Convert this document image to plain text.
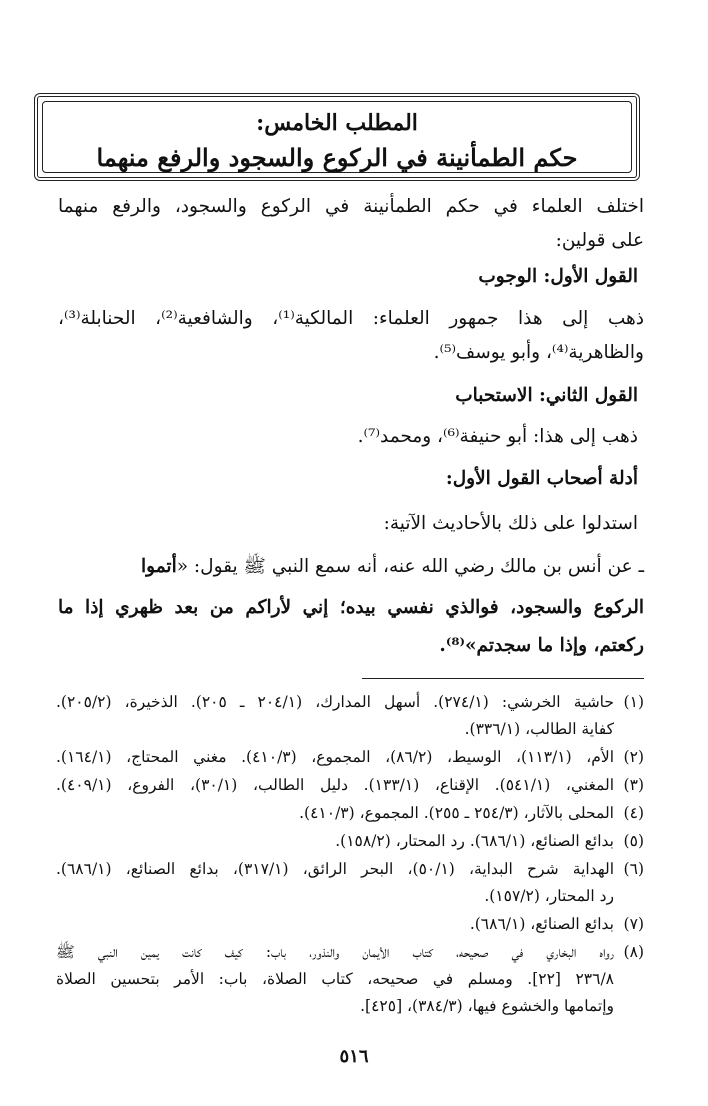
المطلب الخامس:
حكم الطمأنينة في الركوع والسجود والرفع منهما
اختلف العلماء في حكم الطمأنينة في الركوع والسجود، والرفع منهما
على قولين:
القول الأول: الوجوب
ذهب إلى هذا جمهور العلماء: المالكية⁽¹⁾، والشافعية⁽²⁾، الحنابلة⁽³⁾،
والظاهرية⁽⁴⁾، وأبو يوسف⁽⁵⁾.
القول الثاني: الاستحباب
ذهب إلى هذا: أبو حنيفة⁽⁶⁾، ومحمد⁽⁷⁾.
أدلة أصحاب القول الأول:
استدلوا على ذلك بالأحاديث الآتية:
ـ عن أنس بن مالك رضي الله عنه، أنه سمع النبي ﷺ يقول: «أتموا
الركوع والسجود، فوالذي نفسي بيده؛ إني لأراكم من بعد ظهري إذا ما
ركعتم، وإذا ما سجدتم»⁽⁸⁾.
(١)
حاشية الخرشي: (٢٧٤/١). أسهل المدارك، (٢٠٤/١ ـ ٢٠٥). الذخيرة، (٢٠٥/٢).
كفاية الطالب، (٣٣٦/١).
(٢)
الأم، (١١٣/١)، الوسيط، (٨٦/٢)، المجموع، (٤١٠/٣). مغني المحتاج، (١٦٤/١).
(٣)
المغني، (٥٤١/١). الإقناع، (١٣٣/١). دليل الطالب، (٣٠/١)، الفروع، (٤٠٩/١).
(٤)
المحلى بالآثار، (٢٥٤/٣ ـ ٢٥٥). المجموع، (٤١٠/٣).
(٥)
بدائع الصنائع، (٦٨٦/١). رد المحتار، (١٥٨/٢).
(٦)
الهداية شرح البداية، (٥٠/١)، البحر الرائق، (٣١٧/١)، بدائع الصنائع، (٦٨٦/١).
رد المحتار، (١٥٧/٢).
(٧)
بدائع الصنائع، (٦٨٦/١).
(٨)
رواه البخاري في صحيحه، كتاب الأيمان والنذور، باب: كيف كانت يمين النبي ﷺ
٢٣٦/٨ [٢٢]. ومسلم في صحيحه، كتاب الصلاة، باب: الأمر بتحسين الصلاة
وإتمامها والخشوع فيها، (٣٨٤/٣)، [٤٢٥].
٥١٦
